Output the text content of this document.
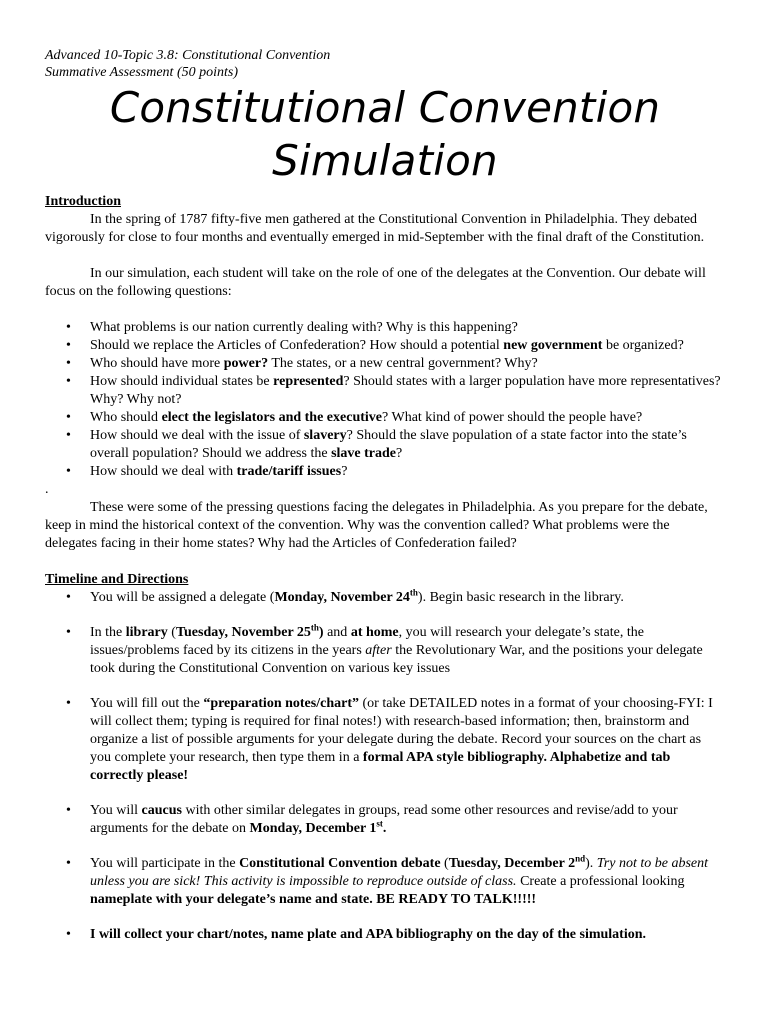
Advanced 10-Topic 3.8: Constitutional Convention
Summative Assessment (50 points)
Constitutional Convention
Simulation
Introduction

In the spring of 1787 fifty-five men gathered at the Constitutional Convention in Philadelphia. They debated vigorously for close to four months and eventually emerged in mid-September with the final draft of the Constitution.

In our simulation, each student will take on the role of one of the delegates at the Convention. Our debate will focus on the following questions:

• What problems is our nation currently dealing with? Why is this happening?
• Should we replace the Articles of Confederation? How should a potential new government be organized?
• Who should have more power? The states, or a new central government? Why?
• How should individual states be represented? Should states with a larger population have more representatives? Why? Why not?
• Who should elect the legislators and the executive? What kind of power should the people have?
• How should we deal with the issue of slavery? Should the slave population of a state factor into the state’s overall population? Should we address the slave trade?
• How should we deal with trade/tariff issues?
.

These were some of the pressing questions facing the delegates in Philadelphia. As you prepare for the debate, keep in mind the historical context of the convention. Why was the convention called? What problems were the delegates facing in their home states? Why had the Articles of Confederation failed?

Timeline and Directions
• You will be assigned a delegate (Monday, November 24th). Begin basic research in the library.
• In the library (Tuesday, November 25th) and at home, you will research your delegate’s state, the issues/problems faced by its citizens in the years after the Revolutionary War, and the positions your delegate took during the Constitutional Convention on various key issues
• You will fill out the “preparation notes/chart” (or take DETAILED notes in a format of your choosing-FYI: I will collect them; typing is required for final notes!) with research-based information; then, brainstorm and organize a list of possible arguments for your delegate during the debate. Record your sources on the chart as you complete your research, then type them in a formal APA style bibliography. Alphabetize and tab correctly please!
• You will caucus with other similar delegates in groups, read some other resources and revise/add to your arguments for the debate on Monday, December 1st.
• You will participate in the Constitutional Convention debate (Tuesday, December 2nd). Try not to be absent unless you are sick! This activity is impossible to reproduce outside of class. Create a professional looking nameplate with your delegate’s name and state. BE READY TO TALK!!!!!
• I will collect your chart/notes, name plate and APA bibliography on the day of the simulation.
